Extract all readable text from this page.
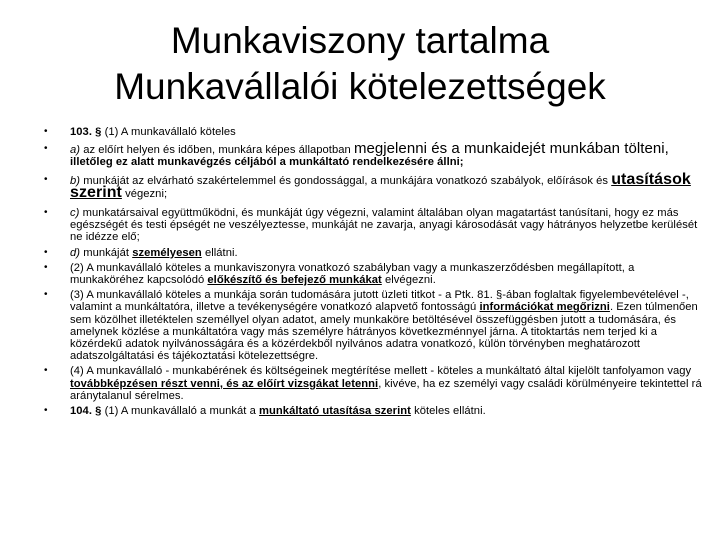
Munkaviszony tartalma
Munkavállalói kötelezettségek
• 103. § (1) A munkavállaló köteles
• a) az előírt helyen és időben, munkára képes állapotban megjelenni és a munkaidejét munkában tölteni, illetőleg ez alatt munkavégzés céljából a munkáltató rendelkezésére állni;
• b) munkáját az elvárható szakértelemmel és gondossággal, a munkájára vonatkozó szabályok, előírások és utasítások szerint végezni;
• c) munkatársaival együttműködni, és munkáját úgy végezni, valamint általában olyan magatartást tanúsítani, hogy ez más egészségét és testi épségét ne veszélyeztesse, munkáját ne zavarja, anyagi károsodását vagy hátrányos helyzetbe kerülését ne idézze elő;
• d) munkáját személyesen ellátni.
• (2) A munkavállaló köteles a munkaviszonyra vonatkozó szabályban vagy a munkaszerződésben megállapított, a munkaköréhez kapcsolódó előkészítő és befejező munkákat elvégezni.
• (3) A munkavállaló köteles a munkája során tudomására jutott üzleti titkot - a Ptk. 81. §-ában foglaltak figyelembevételével -, valamint a munkáltatóra, illetve a tevékenységére vonatkozó alapvető fontosságú információkat megőrizni. Ezen túlmenően sem közölhet illetéktelen személlyel olyan adatot, amely munkaköre betöltésével összefüggésben jutott a tudomására, és amelynek közlése a munkáltatóra vagy más személyre hátrányos következménnyel járna. A titoktartás nem terjed ki a közérdekű adatok nyilvánosságára és a közérdekből nyilvános adatra vonatkozó, külön törvényben meghatározott adatszolgáltatási és tájékoztatási kötelezettségre.
• (4) A munkavállaló - munkabérének és költségeinek megtérítése mellett - köteles a munkáltató által kijelölt tanfolyamon vagy továbbképzésen részt venni, és az előírt vizsgákat letenni, kivéve, ha ez személyi vagy családi körülményeire tekintettel rá aránytalanul sérelmes.
• 104. § (1) A munkavállaló a munkát a munkáltató utasítása szerint köteles ellátni.
